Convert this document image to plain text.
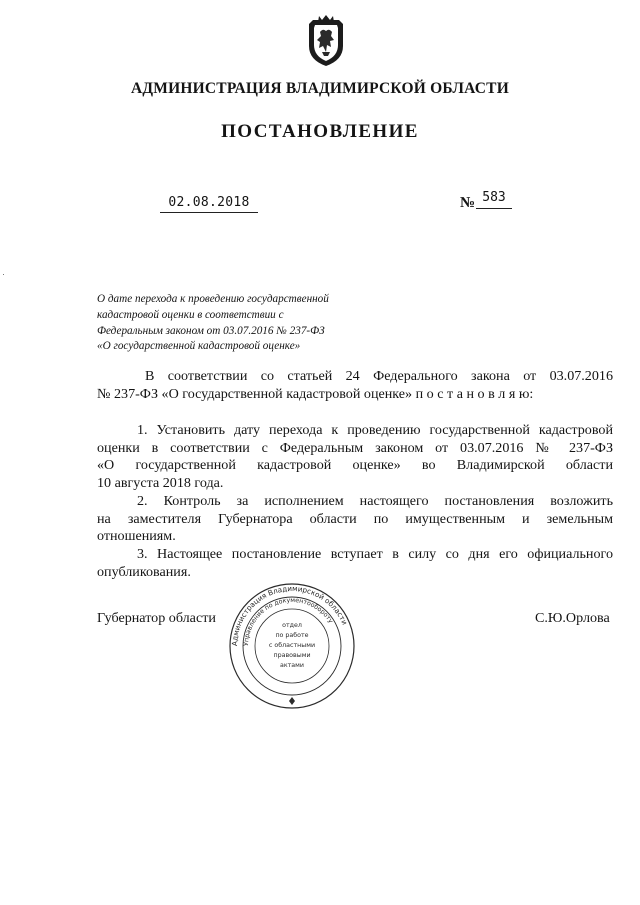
АДМИНИСТРАЦИЯ ВЛАДИМИРСКОЙ ОБЛАСТИ
ПОСТАНОВЛЕНИЕ
02.08.2018	№ 583
О дате перехода к проведению государственной
кадастровой оценки в соответствии с
Федеральным законом от 03.07.2016 № 237-ФЗ
«О государственной кадастровой оценке»
В соответствии со статьей 24 Федерального закона от 03.07.2016
№ 237-ФЗ «О государственной кадастровой оценке» п о с т а н о в л я ю:
1. Установить дату перехода к проведению государственной кадастровой
оценки в соответствии с Федеральным законом от 03.07.2016 № 237-ФЗ
«О государственной кадастровой оценке» во Владимирской области
10 августа 2018 года.
2. Контроль за исполнением настоящего постановления возложить
на заместителя Губернатора области по имущественным и земельным
отношениям.
3. Настоящее постановление вступает в силу со дня его официального
опубликования.
Губернатор области	С.Ю.Орлова
Администрация Владимирской области
Управление по документообороту
отдел
по работе
с областными
правовыми
актами
